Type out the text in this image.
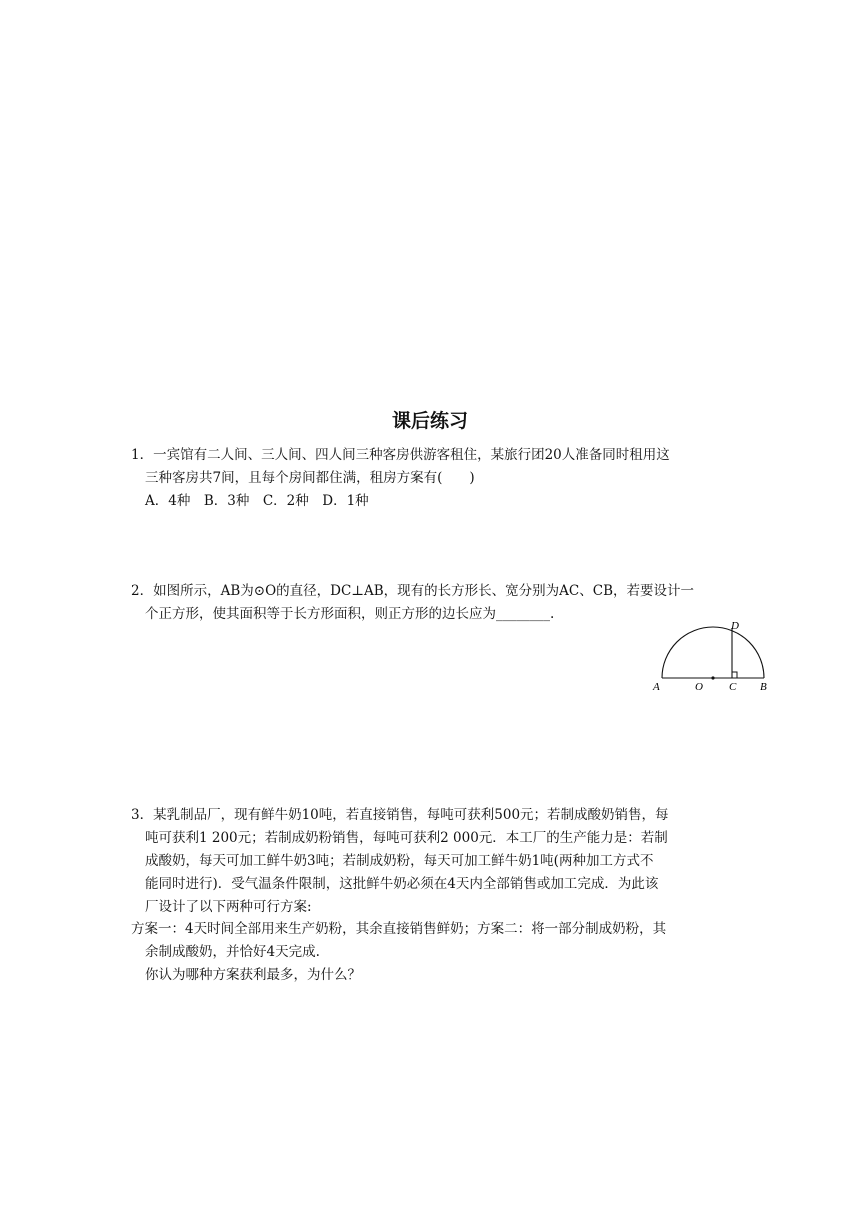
课后练习
1．一宾馆有二人间、三人间、四人间三种客房供游客租住，某旅行团20人准备同时租用这
三种客房共7间，且每个房间都住满，租房方案有(　　)
A．4种　B．3种　C．2种　D．1种
2．如图所示，AB为⊙O的直径，DC⊥AB，现有的长方形长、宽分别为AC、CB，若要设计一
个正方形，使其面积等于长方形面积，则正方形的边长应为________.
D
A	O C B
3．某乳制品厂，现有鲜牛奶10吨，若直接销售，每吨可获利500元；若制成酸奶销售，每
吨可获利1 200元；若制成奶粉销售，每吨可获利2 000元．本工厂的生产能力是：若制
成酸奶，每天可加工鲜牛奶3吨；若制成奶粉，每天可加工鲜牛奶1吨(两种加工方式不
能同时进行)．受气温条件限制，这批鲜牛奶必须在4天内全部销售或加工完成．为此该
厂设计了以下两种可行方案:
方案一：4天时间全部用来生产奶粉，其余直接销售鲜奶；方案二：将一部分制成奶粉，其
余制成酸奶，并恰好4天完成.
你认为哪种方案获利最多，为什么？
